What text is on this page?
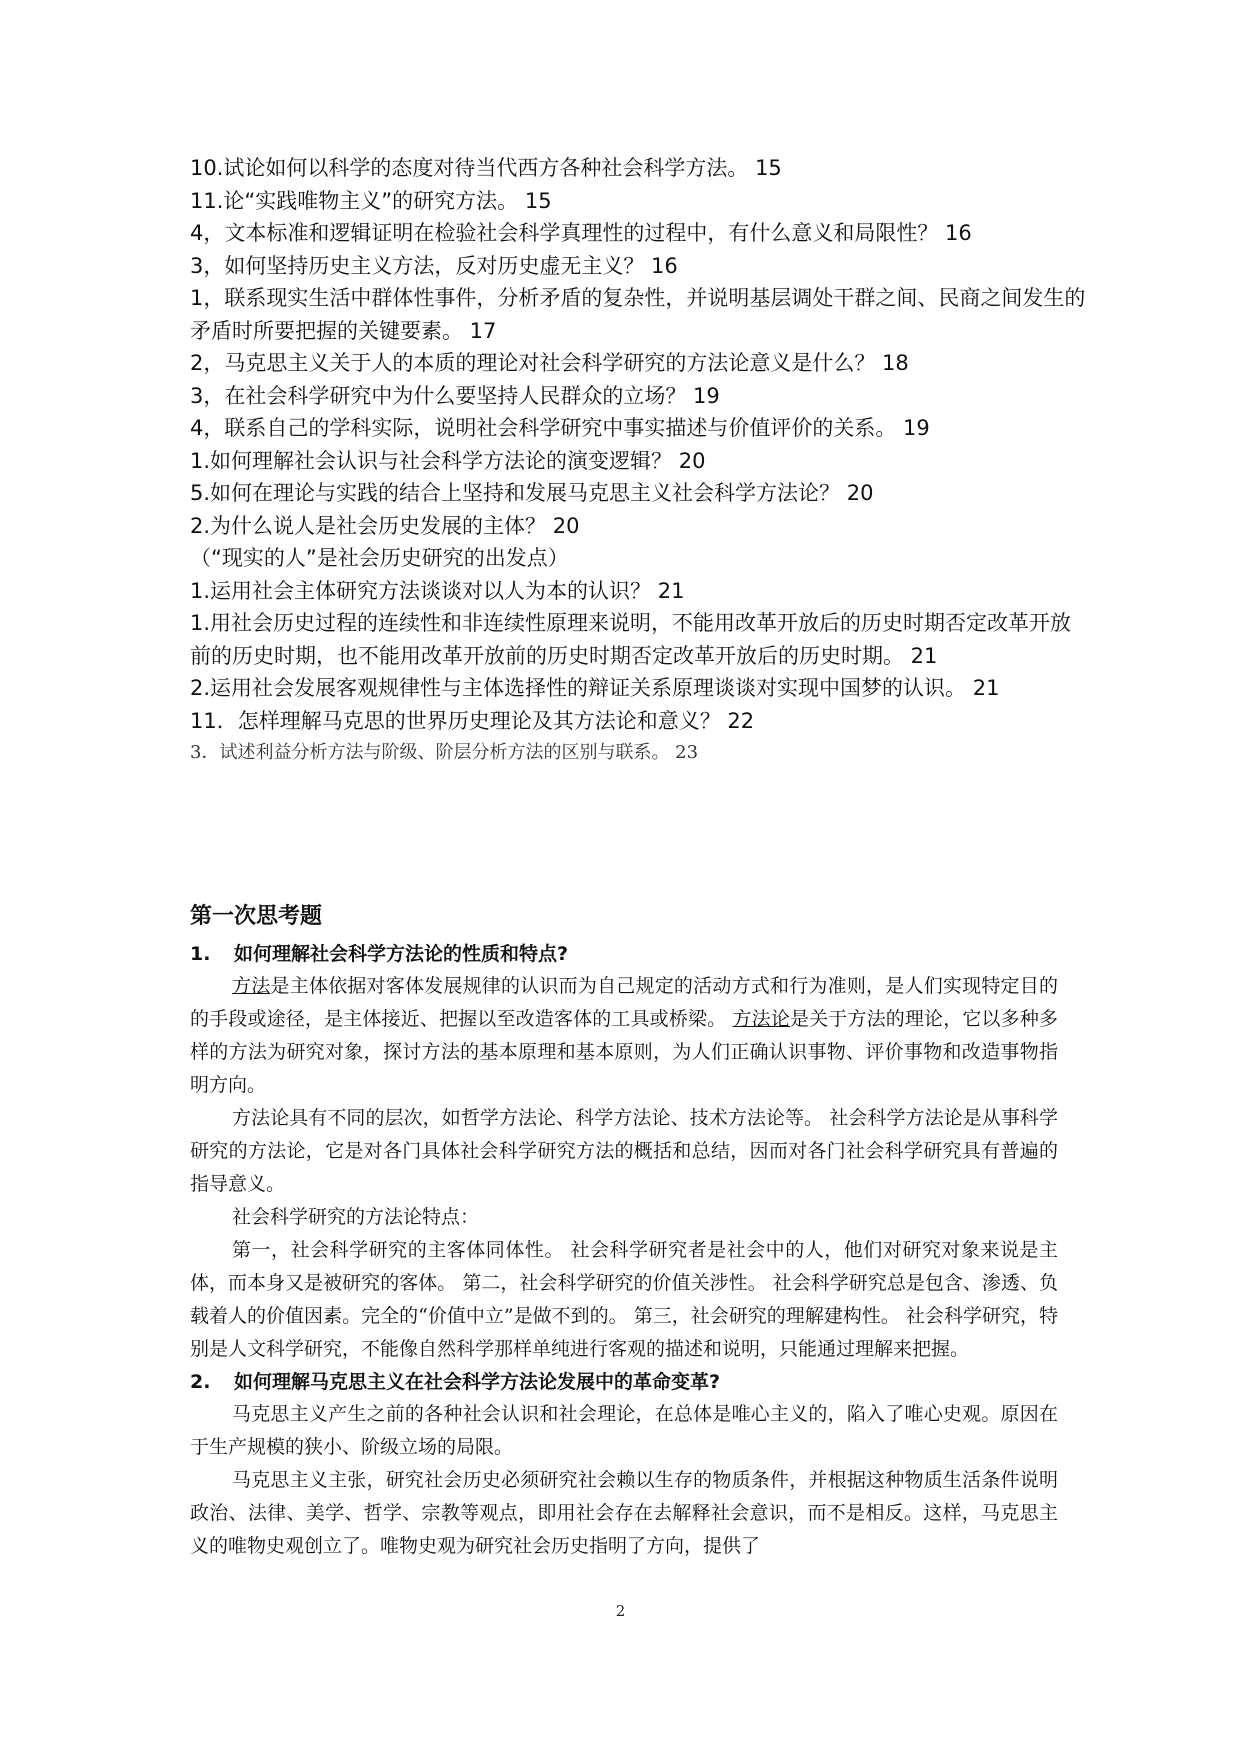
10.试论如何以科学的态度对待当代西方各种社会科学方法。 15

11.论“实践唯物主义”的研究方法。 15

4，文本标准和逻辑证明在检验社会科学真理性的过程中，有什么意义和局限性？ 16

3，如何坚持历史主义方法，反对历史虚无主义？ 16

1，联系现实生活中群体性事件，分析矛盾的复杂性，并说明基层调处干群之间、民商之间发生的矛盾时所要把握的关键要素。 17

2，马克思主义关于人的本质的理论对社会科学研究的方法论意义是什么？ 18

3，在社会科学研究中为什么要坚持人民群众的立场？ 19

4，联系自己的学科实际，说明社会科学研究中事实描述与价值评价的关系。 19

1.如何理解社会认识与社会科学方法论的演变逻辑？ 20

5.如何在理论与实践的结合上坚持和发展马克思主义社会科学方法论？ 20

2.为什么说人是社会历史发展的主体？ 20

（“现实的人”是社会历史研究的出发点）

1.运用社会主体研究方法谈谈对以人为本的认识？ 21

1.用社会历史过程的连续性和非连续性原理来说明，不能用改革开放后的历史时期否定改革开放前的历史时期，也不能用改革开放前的历史时期否定改革开放后的历史时期。 21

2.运用社会发展客观规律性与主体选择性的辩证关系原理谈谈对实现中国梦的认识。 21

11．怎样理解马克思的世界历史理论及其方法论和意义？ 22

3．试述利益分析方法与阶级、阶层分析方法的区别与联系。 23

第一次思考题

1. 如何理解社会科学方法论的性质和特点?

方法是主体依据对客体发展规律的认识而为自己规定的活动方式和行为准则，是人们实现特定目的的手段或途径，是主体接近、把握以至改造客体的工具或桥梁。 方法论是关于方法的理论，它以多种多样的方法为研究对象，探讨方法的基本原理和基本原则，为人们正确认识事物、评价事物和改造事物指明方向。

方法论具有不同的层次，如哲学方法论、科学方法论、技术方法论等。 社会科学方法论是从事科学研究的方法论，它是对各门具体社会科学研究方法的概括和总结，因而对各门社会科学研究具有普遍的指导意义。

社会科学研究的方法论特点：

第一，社会科学研究的主客体同体性。 社会科学研究者是社会中的人，他们对研究对象来说是主体，而本身又是被研究的客体。 第二，社会科学研究的价值关涉性。 社会科学研究总是包含、渗透、负载着人的价值因素。完全的“价值中立”是做不到的。 第三，社会研究的理解建构性。 社会科学研究，特别是人文科学研究，不能像自然科学那样单纯进行客观的描述和说明，只能通过理解来把握。

2. 如何理解马克思主义在社会科学方法论发展中的革命变革?

马克思主义产生之前的各种社会认识和社会理论，在总体是唯心主义的，陷入了唯心史观。原因在于生产规模的狭小、阶级立场的局限。

马克思主义主张，研究社会历史必须研究社会赖以生存的物质条件，并根据这种物质生活条件说明政治、法律、美学、哲学、宗教等观点，即用社会存在去解释社会意识，而不是相反。这样，马克思主义的唯物史观创立了。唯物史观为研究社会历史指明了方向，提供了

2
